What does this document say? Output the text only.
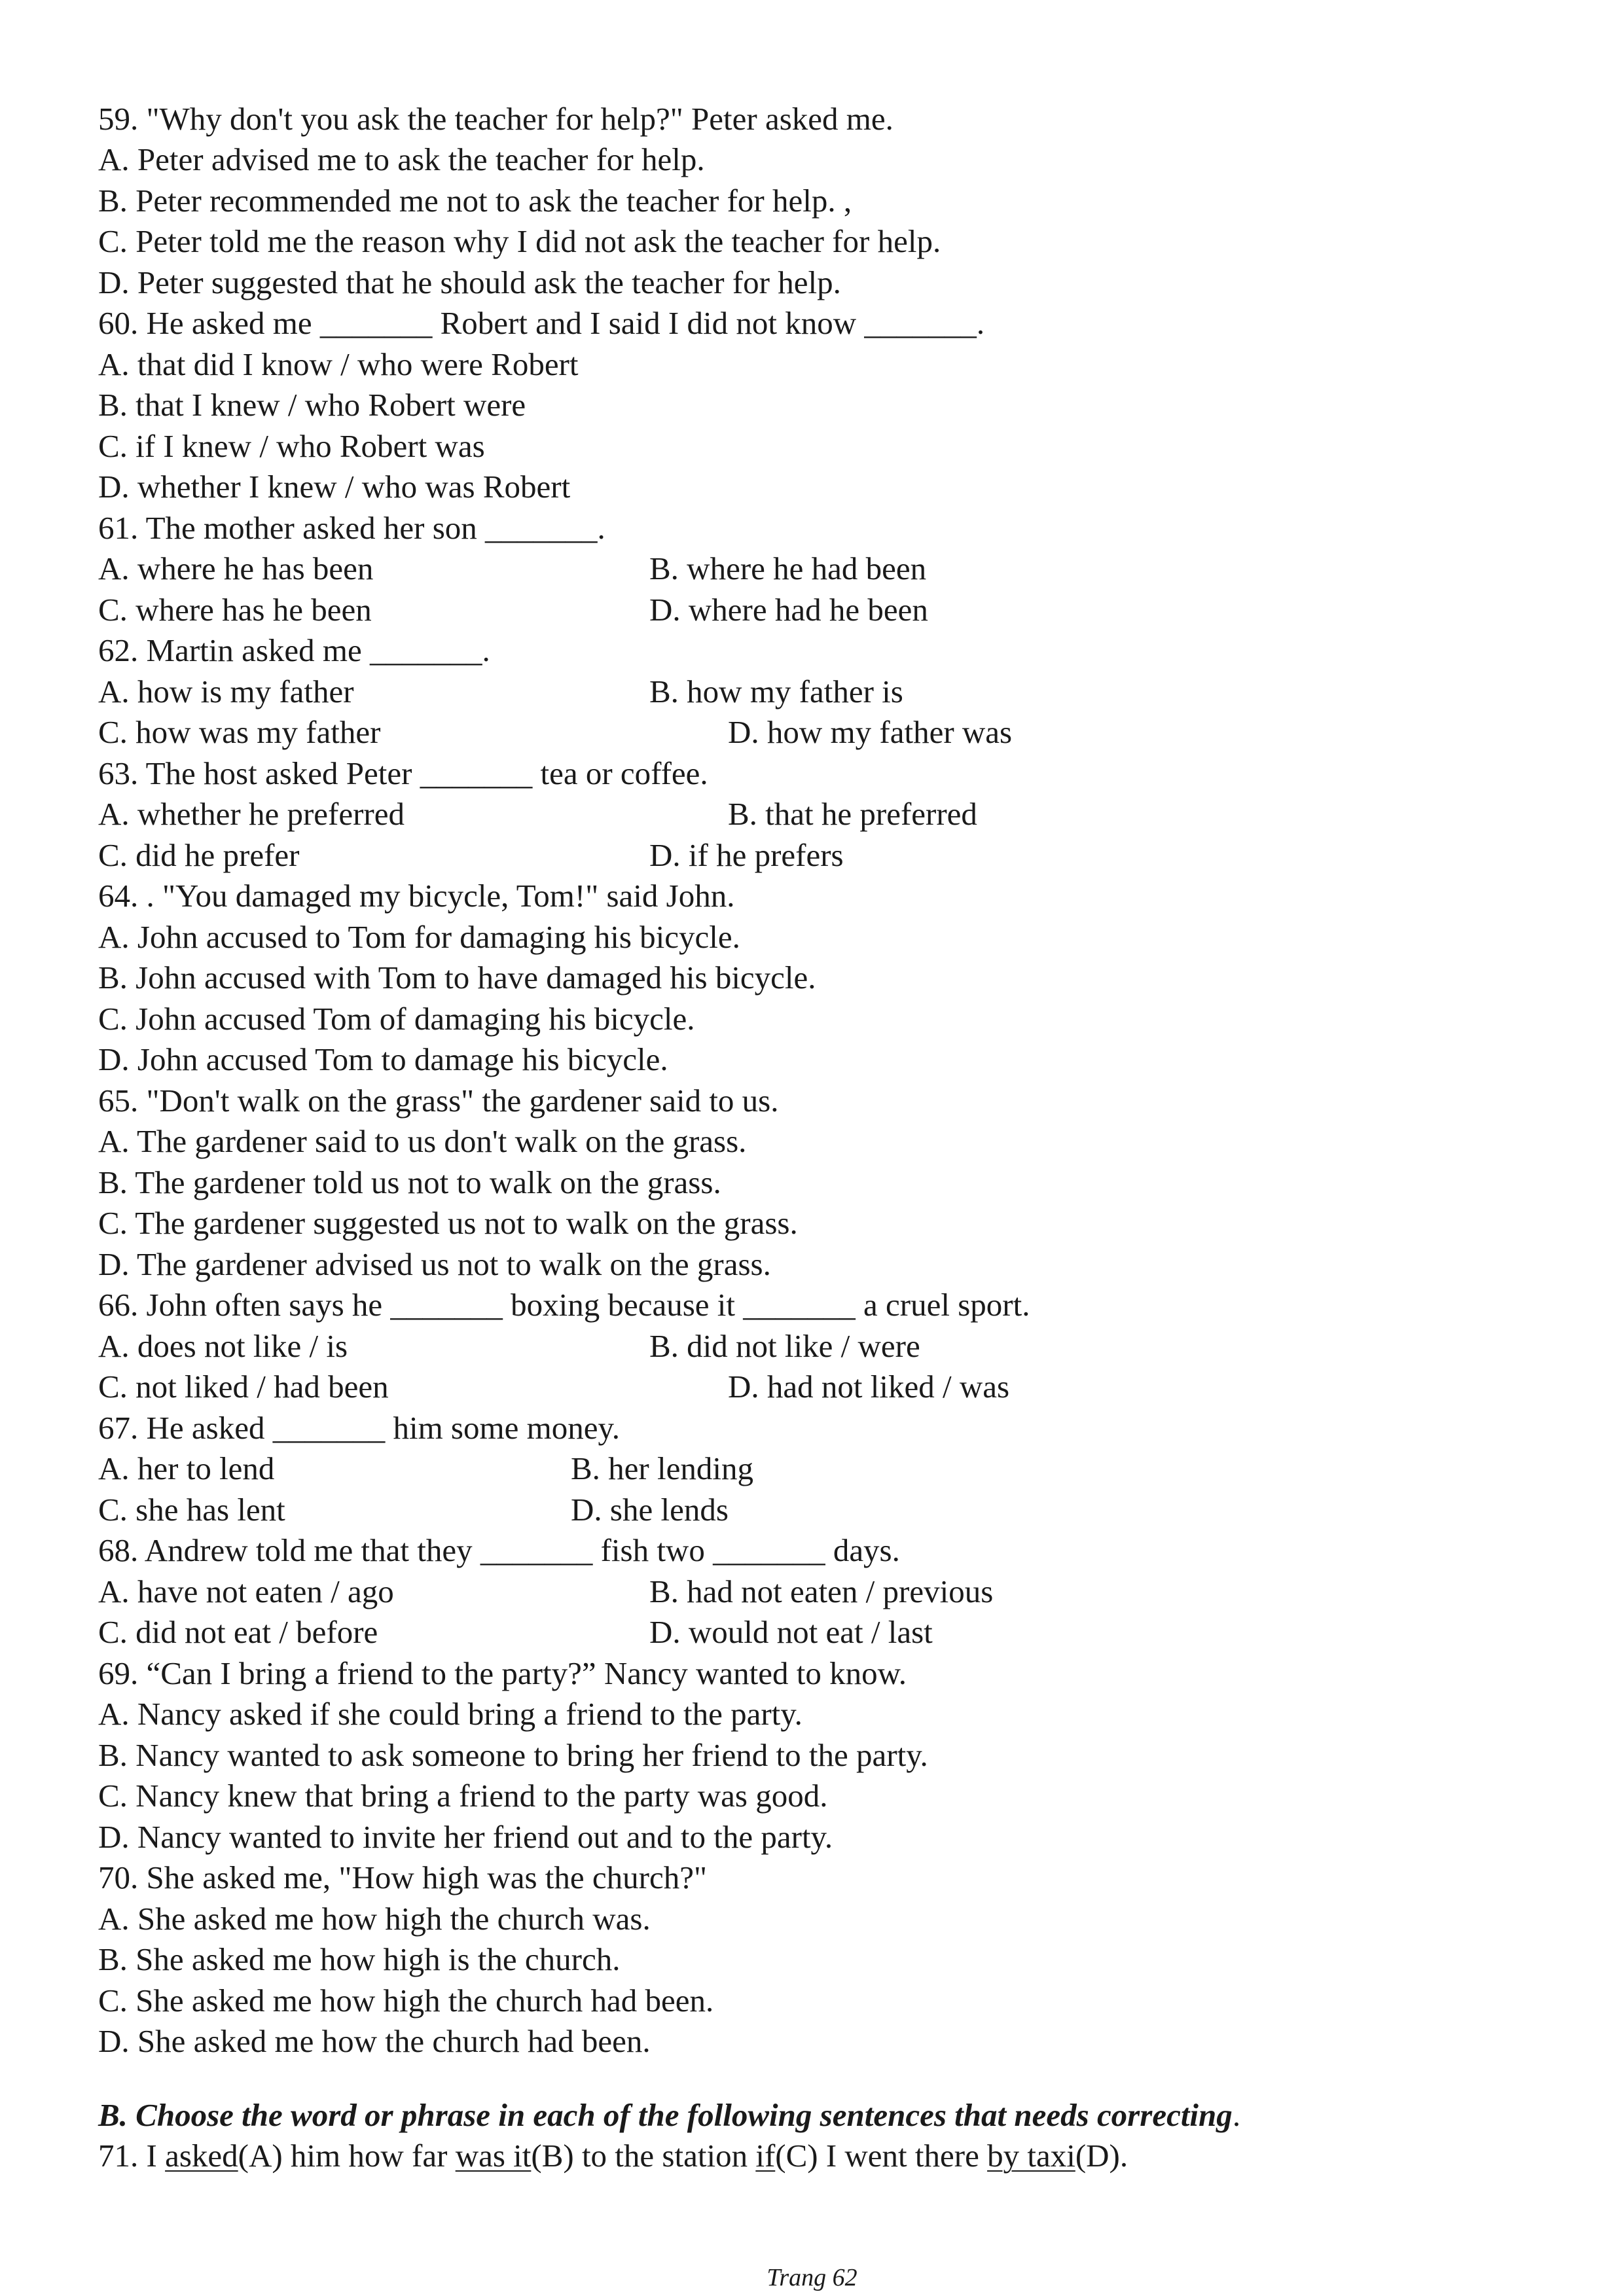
59. "Why don't you ask the teacher for help?" Peter asked me.
A. Peter advised me to ask the teacher for help.
B. Peter recommended me not to ask the teacher for help. ,
C. Peter told me the reason why I did not ask the teacher for help.
D. Peter suggested that he should ask the teacher for help.
60. He asked me _______ Robert and I said I did not know _______.
A. that did I know / who were Robert
B. that I knew / who Robert were
C. if I knew / who Robert was
D. whether I knew / who was Robert
61. The mother asked her son _______.
A. where he has been	B. where he had been
C. where has he been	D. where had he been
62. Martin asked me _______.
A. how is my father	B. how my father is
C. how was my father	D. how my father was
63. The host asked Peter _______ tea or coffee.
A. whether he preferred	B. that he preferred
C. did he prefer	D. if he prefers
64. . "You damaged my bicycle, Tom!" said John.
A. John accused to Tom for damaging his bicycle.
B. John accused with Tom to have damaged his bicycle.
C. John accused Tom of damaging his bicycle.
D. John accused Tom to damage his bicycle.
65. "Don't walk on the grass" the gardener said to us.
A. The gardener said to us don't walk on the grass.
B. The gardener told us not to walk on the grass.
C. The gardener suggested us not to walk on the grass.
D. The gardener advised us not to walk on the grass.
66. John often says he _______ boxing because it _______ a cruel sport.
A. does not like / is	B. did not like / were
C. not liked / had been	D. had not liked / was
67. He asked _______ him some money.
A. her to lend	B. her lending
C. she has lent	D. she lends
68. Andrew told me that they _______ fish two _______ days.
A. have not eaten / ago	B. had not eaten / previous
C. did not eat / before	D. would not eat / last
69. “Can I bring a friend to the party?” Nancy wanted to know.
A. Nancy asked if she could bring a friend to the party.
B. Nancy wanted to ask someone to bring her friend to the party.
C. Nancy knew that bring a friend to the party was good.
D. Nancy wanted to invite her friend out and to the party.
70. She asked me, "How high was the church?"
A. She asked me how high the church was.
B. She asked me how high is the church.
C. She asked me how high the church had been.
D. She asked me how the church had been.
B. Choose the word or phrase in each of the following sentences that needs correcting.
71. I asked(A) him how far was it(B) to the station if(C) I went there by taxi(D).
Trang 62
